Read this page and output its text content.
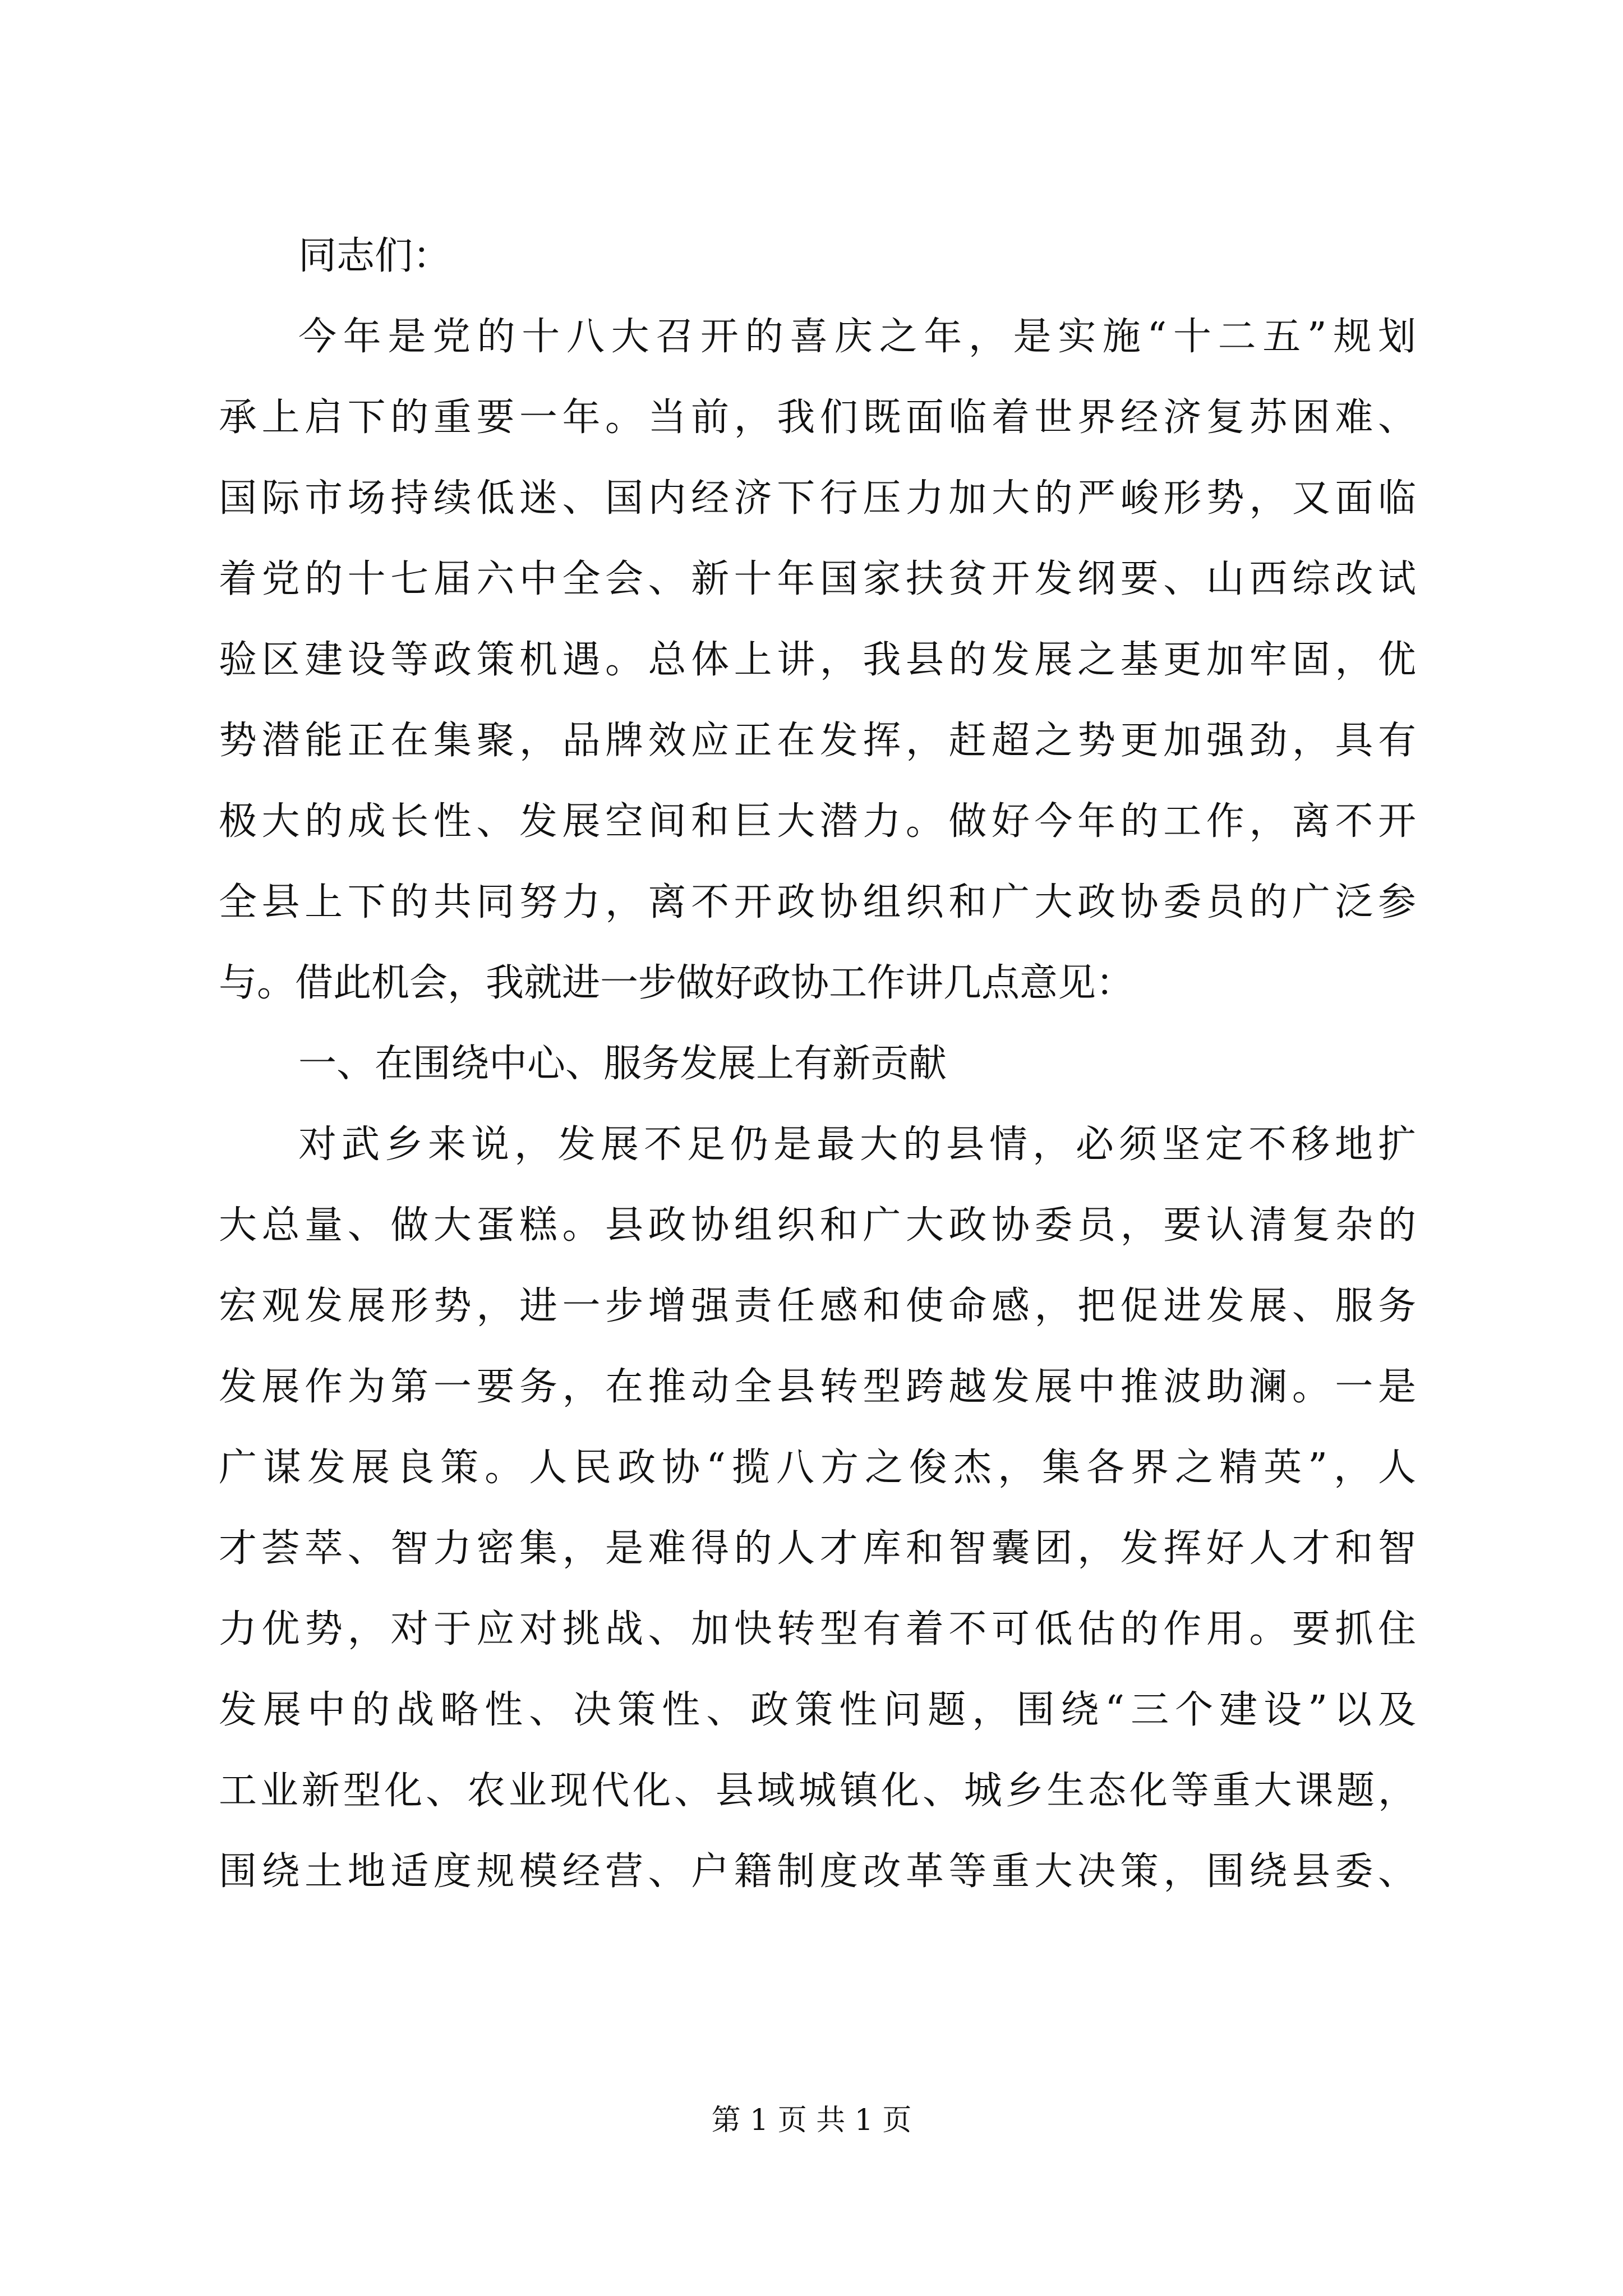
同志们：
今年是党的十八大召开的喜庆之年，是实施“十二五”规划
承上启下的重要一年。当前，我们既面临着世界经济复苏困难、
国际市场持续低迷、国内经济下行压力加大的严峻形势，又面临
着党的十七届六中全会、新十年国家扶贫开发纲要、山西综改试
验区建设等政策机遇。总体上讲，我县的发展之基更加牢固，优
势潜能正在集聚，品牌效应正在发挥，赶超之势更加强劲，具有
极大的成长性、发展空间和巨大潜力。做好今年的工作，离不开
全县上下的共同努力，离不开政协组织和广大政协委员的广泛参
与。借此机会，我就进一步做好政协工作讲几点意见：
一、在围绕中心、服务发展上有新贡献
对武乡来说，发展不足仍是最大的县情，必须坚定不移地扩
大总量、做大蛋糕。县政协组织和广大政协委员，要认清复杂的
宏观发展形势，进一步增强责任感和使命感，把促进发展、服务
发展作为第一要务，在推动全县转型跨越发展中推波助澜。一是
广谋发展良策。人民政协“揽八方之俊杰，集各界之精英”，人
才荟萃、智力密集，是难得的人才库和智囊团，发挥好人才和智
力优势，对于应对挑战、加快转型有着不可低估的作用。要抓住
发展中的战略性、决策性、政策性问题，围绕“三个建设”以及
工业新型化、农业现代化、县域城镇化、城乡生态化等重大课题，
围绕土地适度规模经营、户籍制度改革等重大决策，围绕县委、
第 1 页 共 1 页
